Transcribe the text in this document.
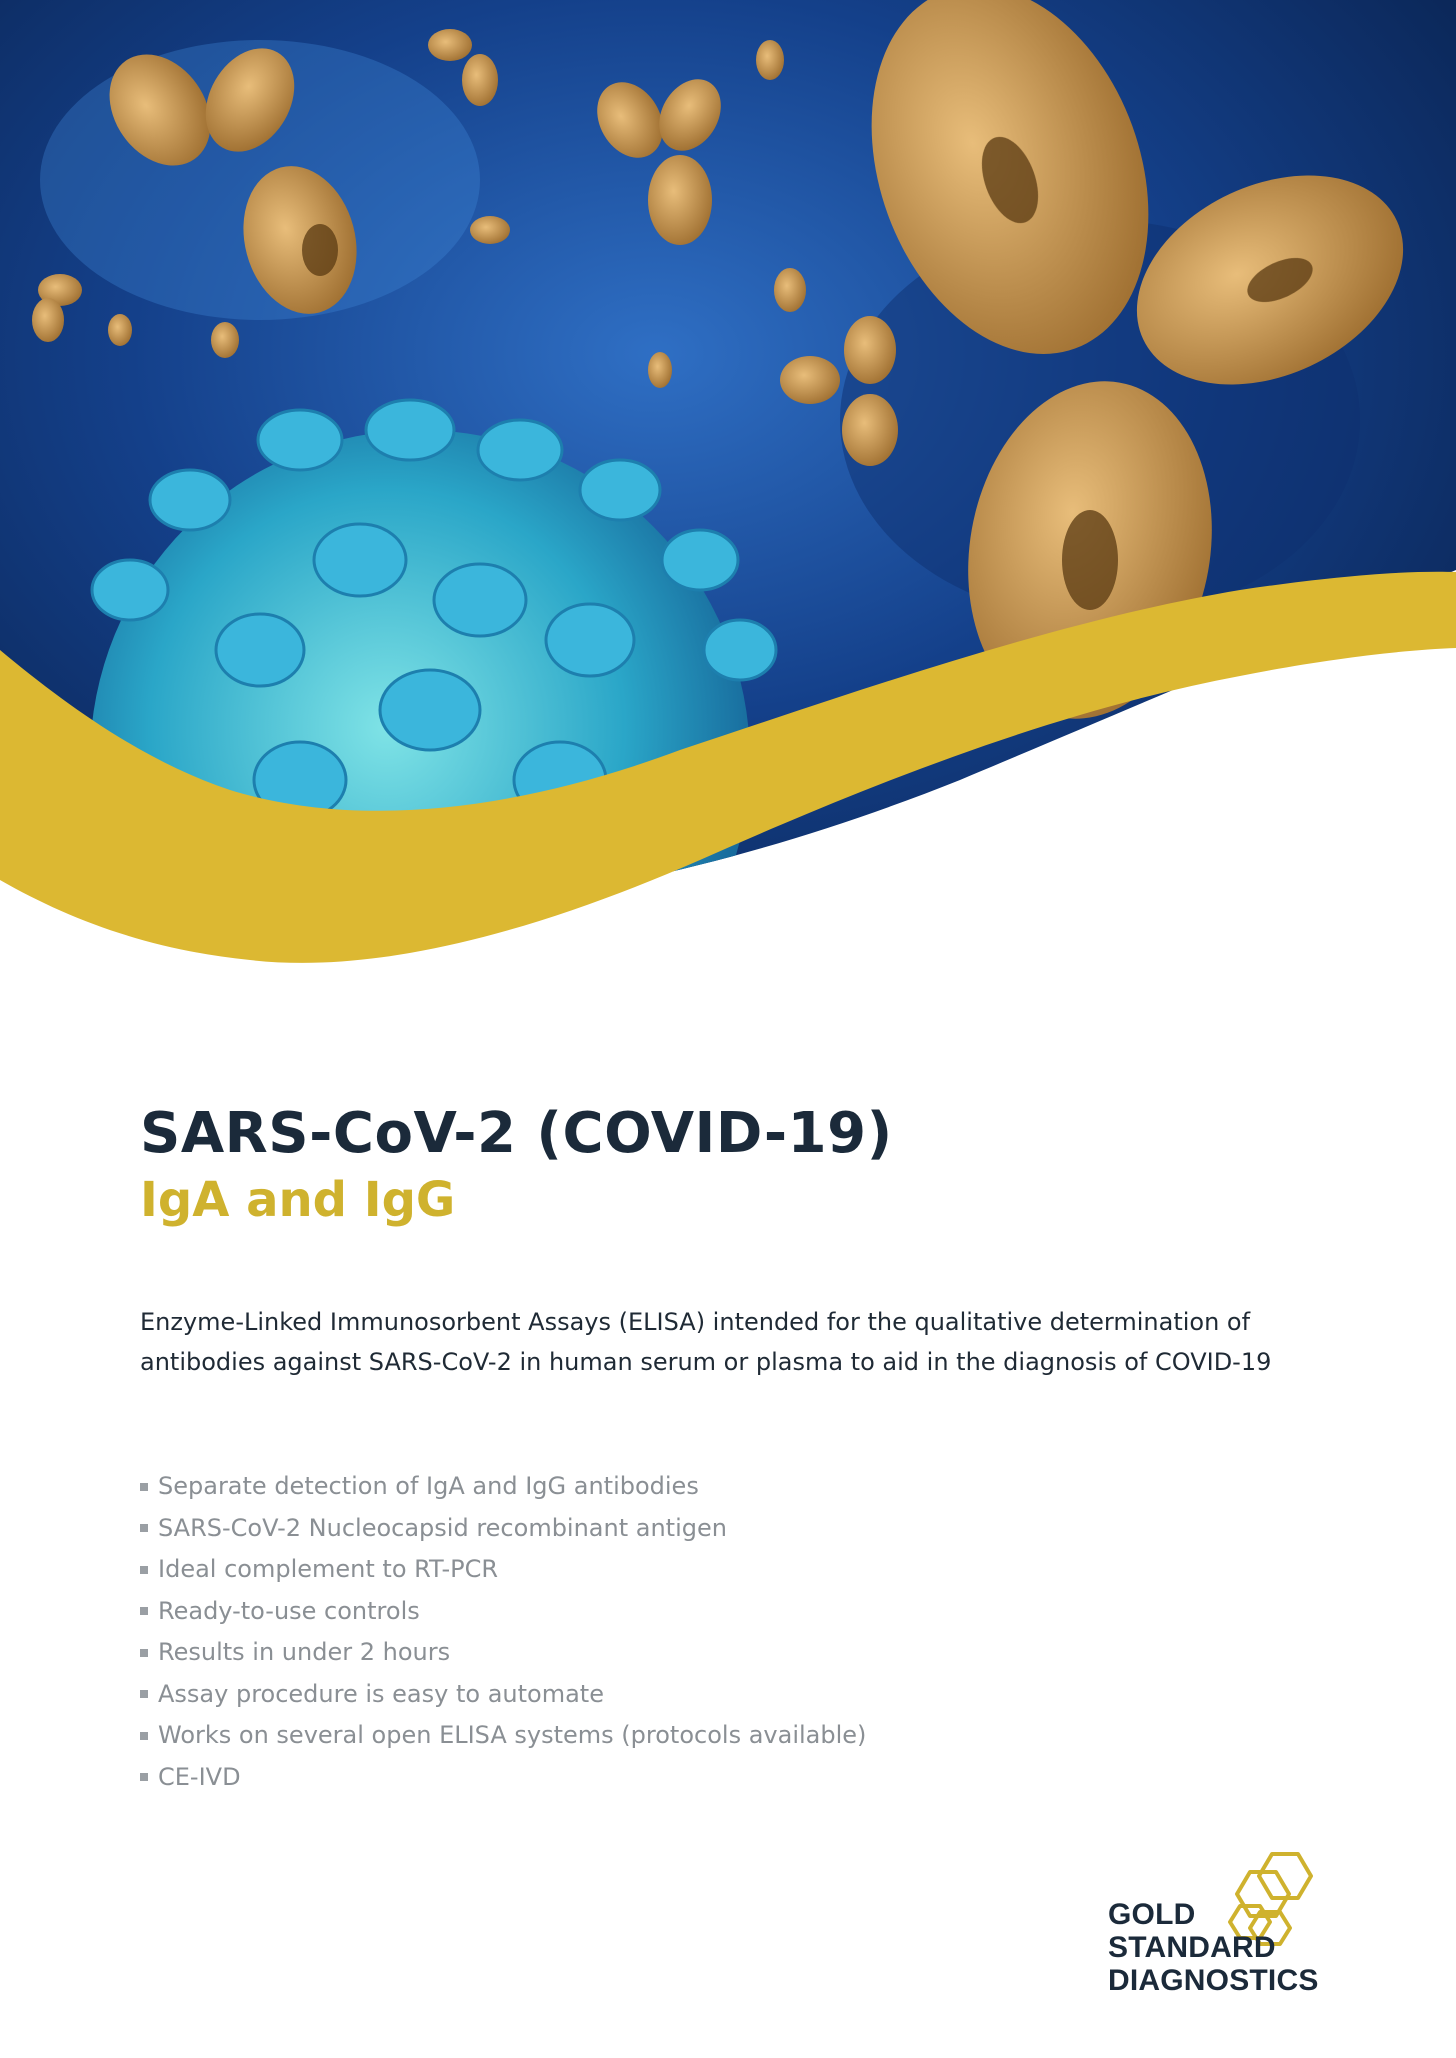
SARS-CoV-2 (COVID-19)
IgA and IgG

Enzyme-Linked Immunosorbent Assays (ELISA) intended for the qualitative determination of antibodies against SARS-CoV-2 in human serum or plasma to aid in the diagnosis of COVID-19

Separate detection of IgA and IgG antibodies
SARS-CoV-2 Nucleocapsid recombinant antigen
Ideal complement to RT-PCR
Ready-to-use controls
Results in under 2 hours
Assay procedure is easy to automate
Works on several open ELISA systems (protocols available)
CE-IVD
GOLD
STANDARD
DIAGNOSTICS
